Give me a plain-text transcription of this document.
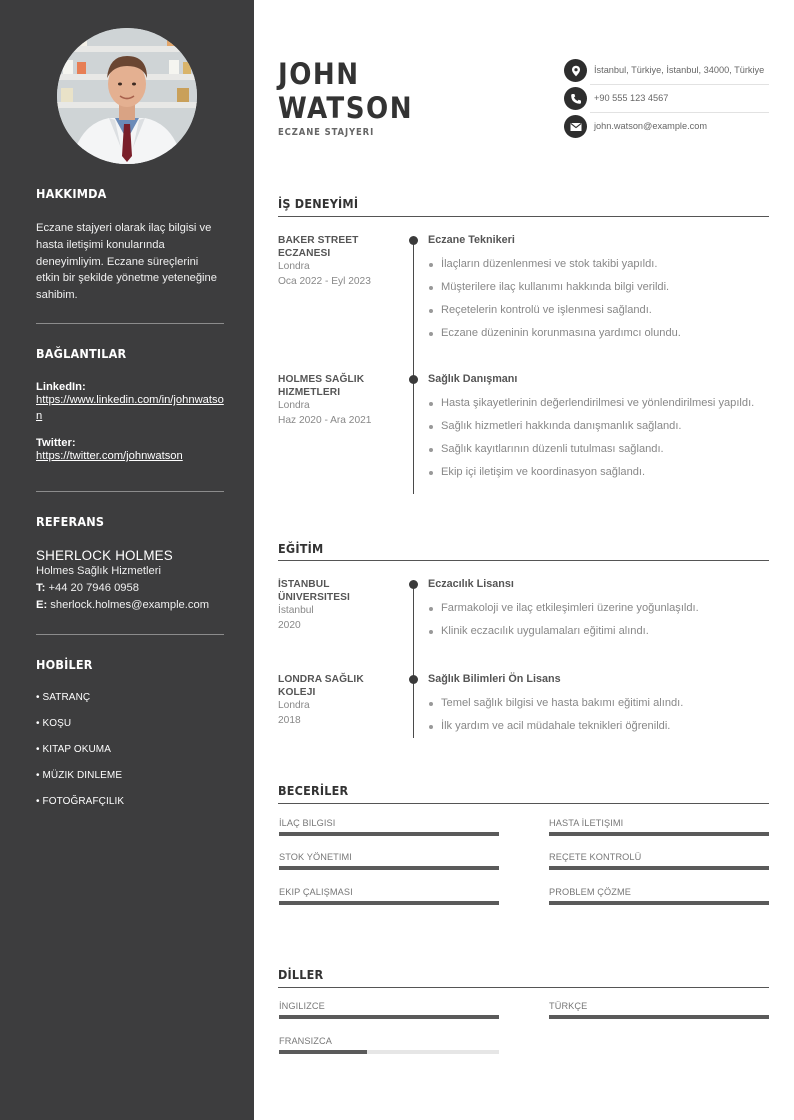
HAKKIMDA
Eczane stajyeri olarak ilaç bilgisi ve hasta iletişimi konularında deneyimliyim. Eczane süreçlerini etkin bir şekilde yönetme yeteneğine sahibim.
BAĞLANTILAR
LinkedIn:
https://www.linkedin.com/in/johnwatson
Twitter:
https://twitter.com/johnwatson
REFERANS
SHERLOCK HOLMES
Holmes Sağlık Hizmetleri
T: +44 20 7946 0958
E: sherlock.holmes@example.com
HOBİLER
• SATRANÇ
• KOŞU
• KITAP OKUMA
• MÜZIK DINLEME
• FOTOĞRAFÇILIK
JOHN
WATSON
ECZANE STAJYERI
İstanbul, Türkiye, İstanbul, 34000, Türkiye
+90 555 123 4567
john.watson@example.com
İŞ DENEYİMİ
BAKER STREET ECZANESI
Londra
Oca 2022 - Eyl 2023
Eczane Teknikeri
İlaçların düzenlenmesi ve stok takibi yapıldı.
Müşterilere ilaç kullanımı hakkında bilgi verildi.
Reçetelerin kontrolü ve işlenmesi sağlandı.
Eczane düzeninin korunmasına yardımcı olundu.
HOLMES SAĞLIK HIZMETLERI
Londra
Haz 2020 - Ara 2021
Sağlık Danışmanı
Hasta şikayetlerinin değerlendirilmesi ve yönlendirilmesi yapıldı.
Sağlık hizmetleri hakkında danışmanlık sağlandı.
Sağlık kayıtlarının düzenli tutulması sağlandı.
Ekip içi iletişim ve koordinasyon sağlandı.
EĞİTİM
İSTANBUL ÜNIVERSITESI
İstanbul
2020
Eczacılık Lisansı
Farmakoloji ve ilaç etkileşimleri üzerine yoğunlaşıldı.
Klinik eczacılık uygulamaları eğitimi alındı.
LONDRA SAĞLIK KOLEJI
Londra
2018
Sağlık Bilimleri Ön Lisans
Temel sağlık bilgisi ve hasta bakımı eğitimi alındı.
İlk yardım ve acil müdahale teknikleri öğrenildi.
BECERİLER
İLAÇ BILGISI	HASTA İLETIŞIMI
STOK YÖNETIMI	REÇETE KONTROLÜ
EKIP ÇALIŞMASI	PROBLEM ÇÖZME
DİLLER
İNGILIZCE	TÜRKÇE
FRANSIZCA
